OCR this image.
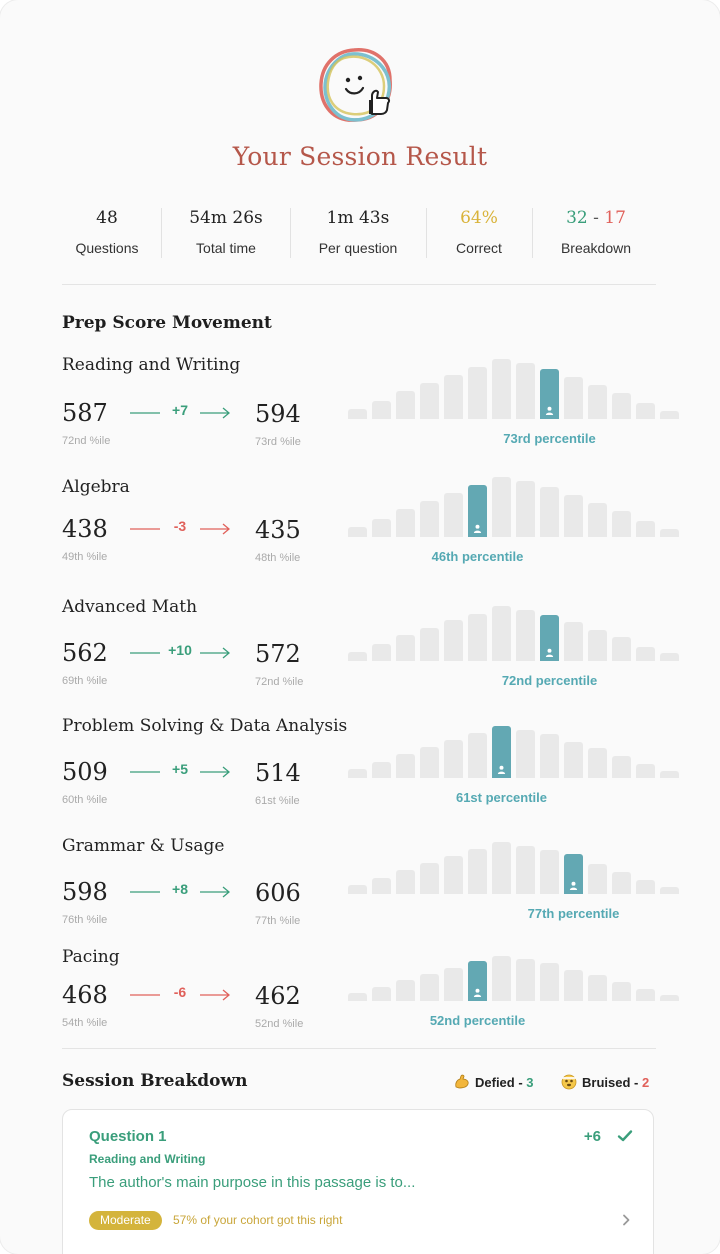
Your Session Result
48
Questions
54m 26s
Total time
1m 43s
Per question
64%
Correct
32 - 17
Breakdown
Prep Score Movement
Reading and Writing
587
72nd %ile
+7	594
73rd %ile	73rd percentile
Algebra
438
49th %ile
-3	435
48th %ile	46th percentile
Advanced Math
562
69th %ile
+10	572
72nd %ile	72nd percentile
Problem Solving & Data Analysis
509
60th %ile
+5	514
61st %ile	61st percentile
Grammar & Usage
598
76th %ile
+8	606
77th %ile	77th percentile
Pacing
468
54th %ile
-6	462
52nd %ile	52nd percentile
Session Breakdown	Defied - 3	Bruised - 2
Question 1	+6
Reading and Writing
The author's main purpose in this passage is to...
Moderate	57% of your cohort got this right
